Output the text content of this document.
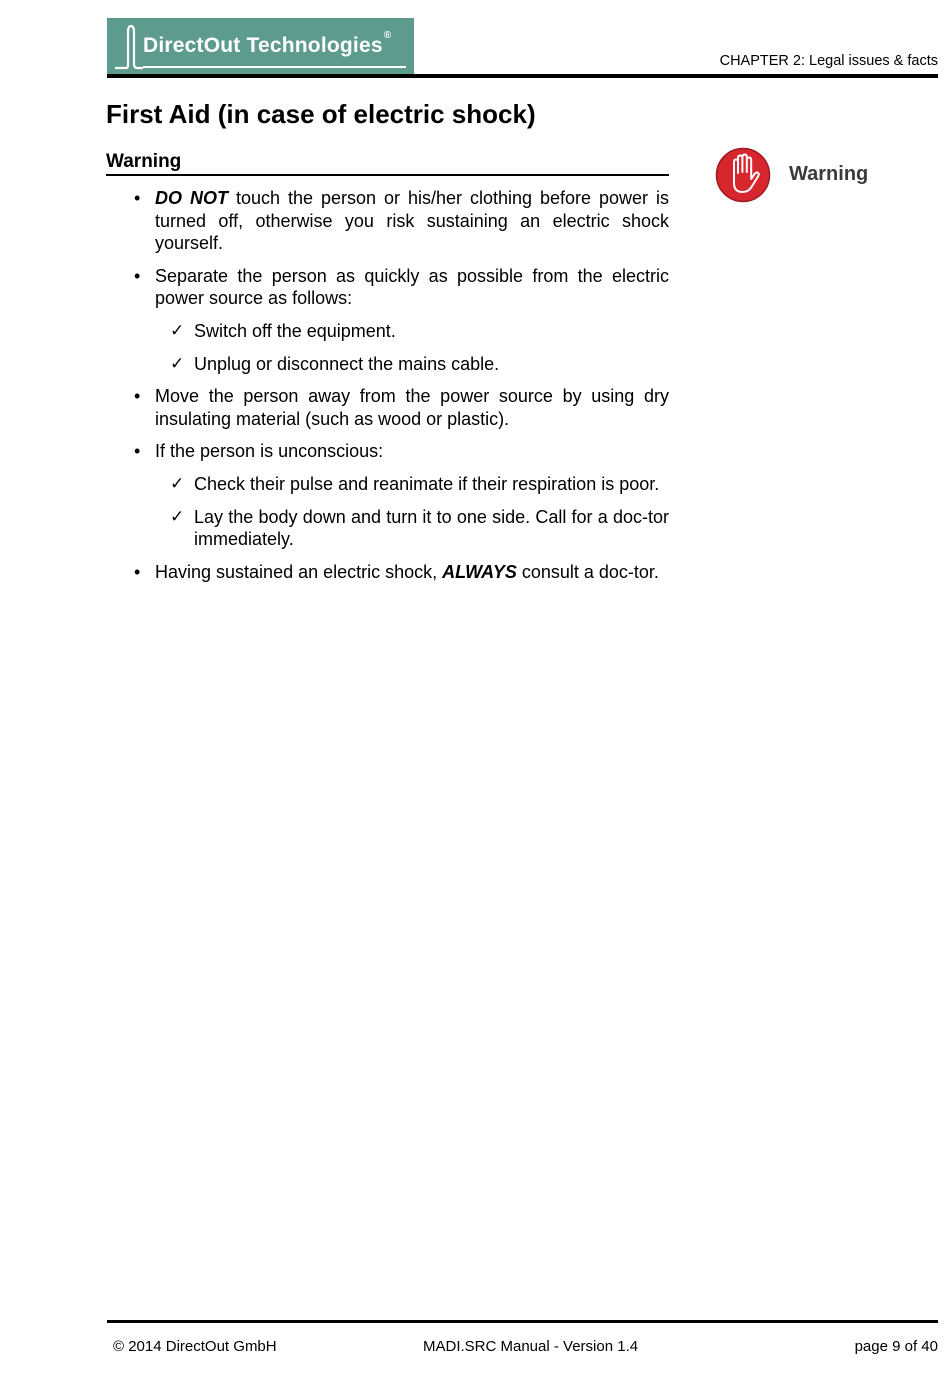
DirectOut Technologies®
CHAPTER 2: Legal issues & facts
First Aid (in case of electric shock)
Warning
• DO NOT touch the person or his/her clothing before power is turned off, otherwise you risk sustaining an electric shock yourself.
• Separate the person as quickly as possible from the electric power source as follows:
✓ Switch off the equipment.
✓ Unplug or disconnect the mains cable.
• Move the person away from the power source by using dry insulating material (such as wood or plastic).
• If the person is unconscious:
✓ Check their pulse and reanimate if their respiration is poor.
✓ Lay the body down and turn it to one side. Call for a doc-tor immediately.
• Having sustained an electric shock, ALWAYS consult a doc-tor.
Warning
© 2014 DirectOut GmbH	MADI.SRC Manual - Version 1.4	page 9 of 40
